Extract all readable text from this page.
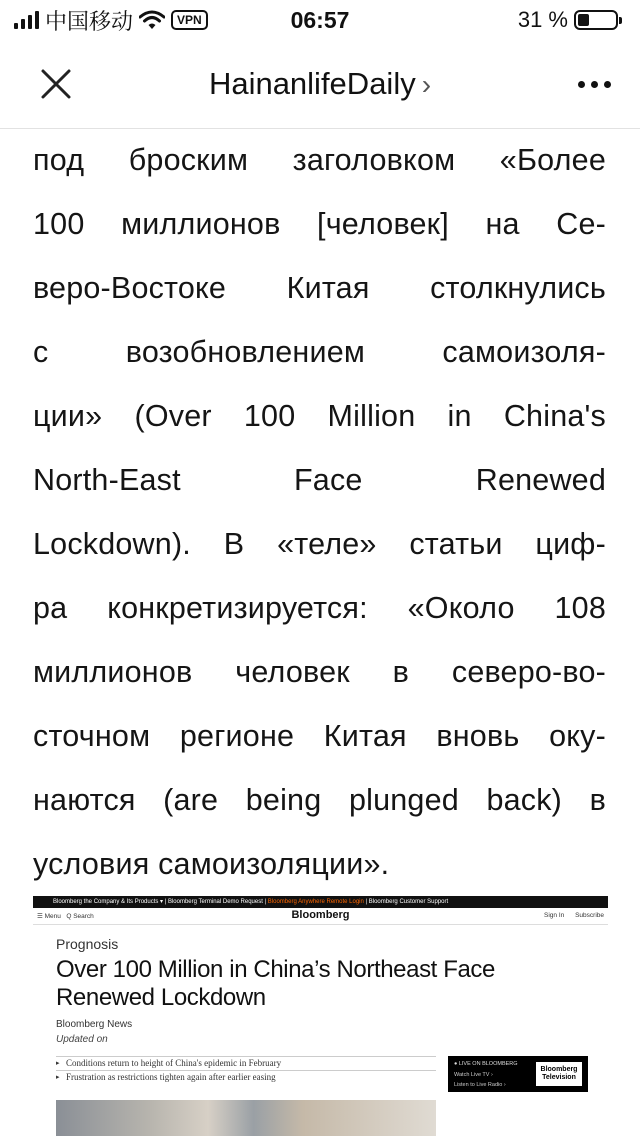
中国移动	VPN	06:57	31 %
HainanlifeDaily ›
под броским заголовком «Более
100 миллионов [человек] на Се-
веро-Востоке Китая столкнулись
с	возобновлением	самоизоля-
ции» (Over 100 Million in China's
North-East	Face	Renewed
Lockdown). В «теле» статьи циф-
ра конкретизируется: «Около 108
миллионов человек в северо-во-
сточном регионе Китая вновь оку-
наются (are being plunged back) в
условия самоизоляции».
Bloomberg the Company & Its Products ▾ | Bloomberg Terminal Demo Request | Bloomberg Anywhere Remote Login | Bloomberg Customer Support
☰ Menu Q Search	Bloomberg	Sign In Subscribe
Prognosis
Over 100 Million in China’s Northeast Face
Renewed Lockdown
Bloomberg News
Updated on
▸ Conditions return to height of China's epidemic in February
▸ Frustration as restrictions tighten again after earlier easing
● LIVE ON BLOOMBERG
Watch Live TV ›
Listen to Live Radio ›
Bloomberg Television
